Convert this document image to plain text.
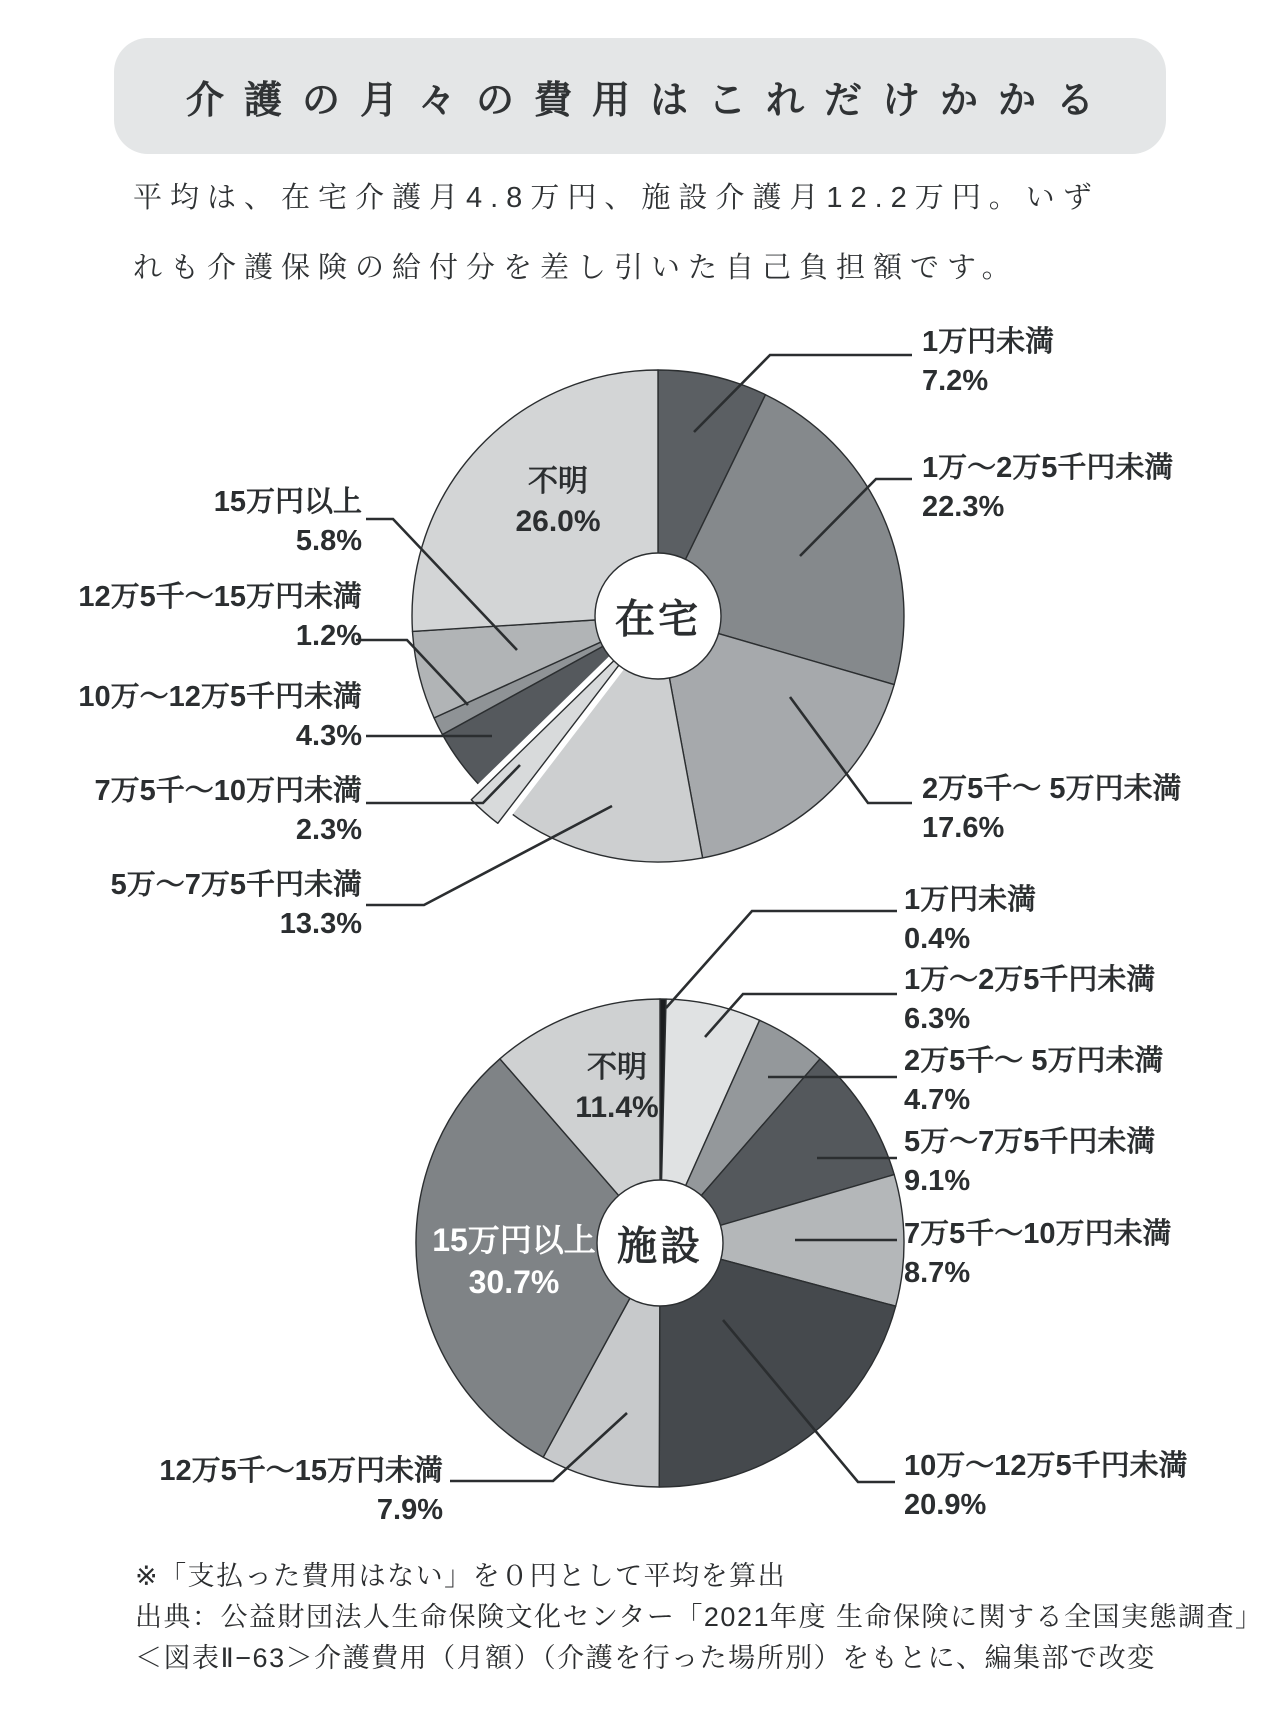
介護の月々の費用はこれだけかかる

平均は、在宅介護月4.8万円、施設介護月12.2万円。いず
れも介護保険の給付分を差し引いた自己負担額です。

1万円未満
7.2%
1万〜2万5千円未満
22.3%
2万5千〜 5万円未満
17.6%
15万円以上
5.8%
12万5千〜15万円未満
1.2%
10万〜12万5千円未満
4.3%
7万5千〜10万円未満
2.3%
5万〜7万5千円未満
13.3%
不明
26.0%
在宅
1万円未満
0.4%
1万〜2万5千円未満
6.3%
2万5千〜 5万円未満
4.7%
5万〜7万5千円未満
9.1%
7万5千〜10万円未満
8.7%
10万〜12万5千円未満
20.9%
12万5千〜15万円未満
7.9%
不明
11.4%
15万円以上
30.7%
施設
※「支払った費用はない」を０円として平均を算出
出典：公益財団法人生命保険文化センター「2021年度 生命保険に関する全国実態調査」
＜図表Ⅱ−63＞介護費用（月額）（介護を行った場所別）をもとに、編集部で改変
